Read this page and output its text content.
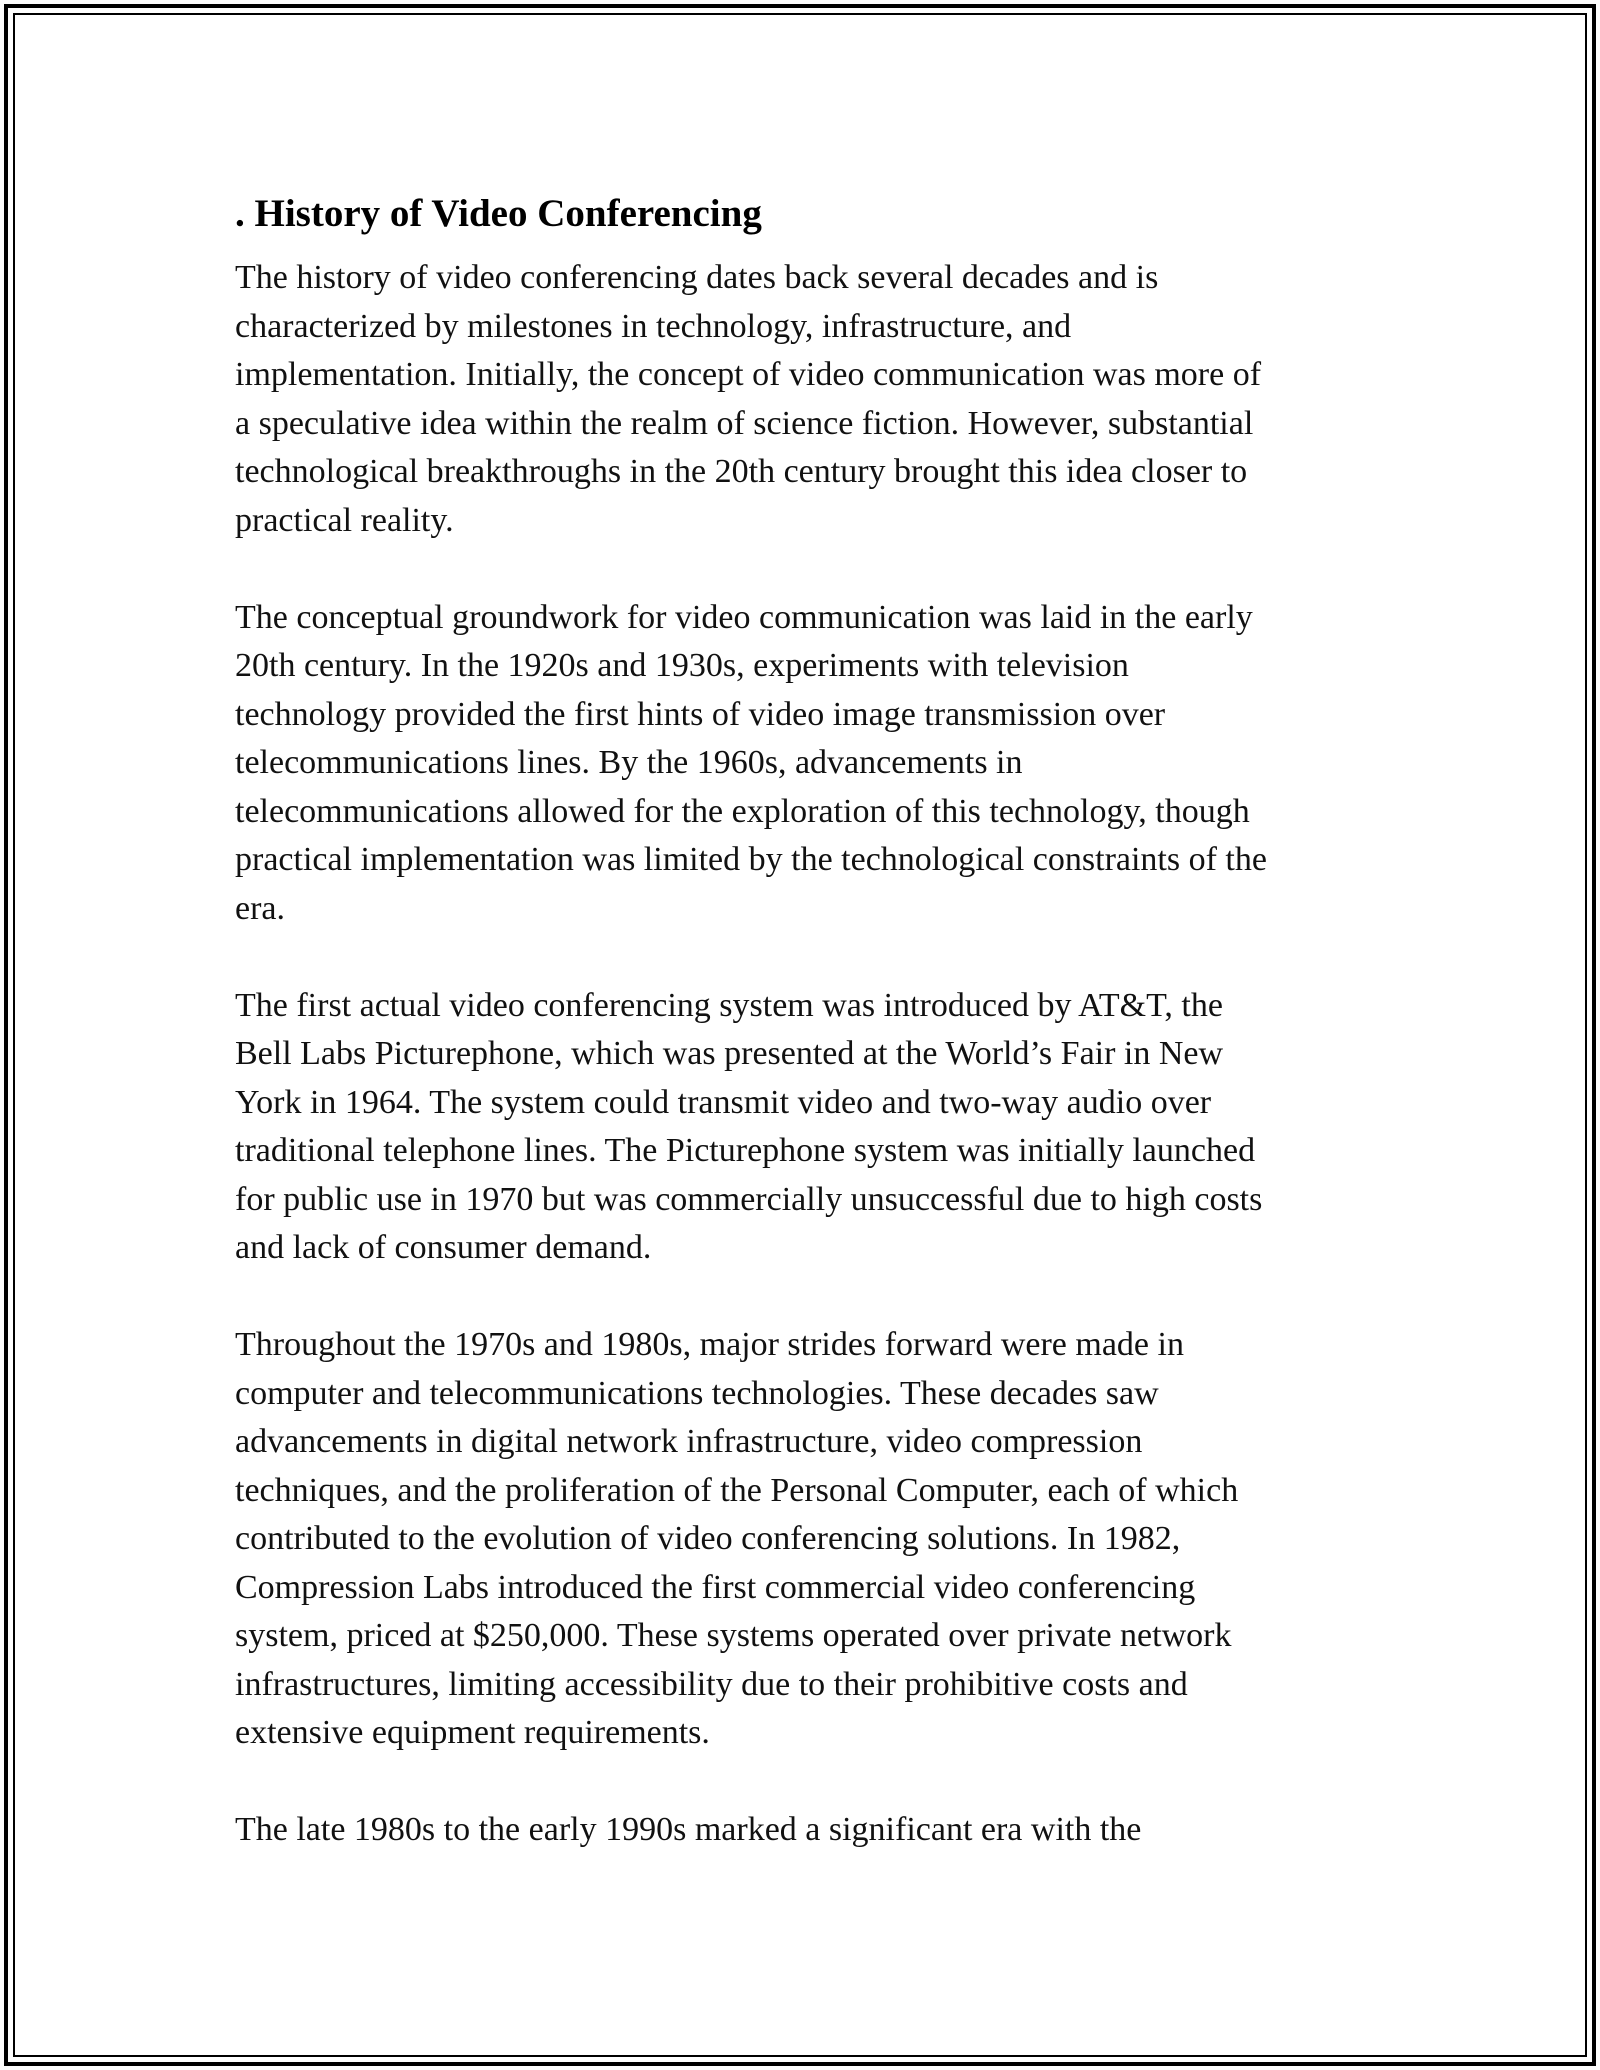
. History of Video Conferencing

The history of video conferencing dates back several decades and is
characterized by milestones in technology, infrastructure, and
implementation. Initially, the concept of video communication was more of
a speculative idea within the realm of science fiction. However, substantial
technological breakthroughs in the 20th century brought this idea closer to
practical reality.

The conceptual groundwork for video communication was laid in the early
20th century. In the 1920s and 1930s, experiments with television
technology provided the first hints of video image transmission over
telecommunications lines. By the 1960s, advancements in
telecommunications allowed for the exploration of this technology, though
practical implementation was limited by the technological constraints of the
era.

The first actual video conferencing system was introduced by AT&T, the
Bell Labs Picturephone, which was presented at the World’s Fair in New
York in 1964. The system could transmit video and two-way audio over
traditional telephone lines. The Picturephone system was initially launched
for public use in 1970 but was commercially unsuccessful due to high costs
and lack of consumer demand.

Throughout the 1970s and 1980s, major strides forward were made in
computer and telecommunications technologies. These decades saw
advancements in digital network infrastructure, video compression
techniques, and the proliferation of the Personal Computer, each of which
contributed to the evolution of video conferencing solutions. In 1982,
Compression Labs introduced the first commercial video conferencing
system, priced at $250,000. These systems operated over private network
infrastructures, limiting accessibility due to their prohibitive costs and
extensive equipment requirements.

The late 1980s to the early 1990s marked a significant era with the
